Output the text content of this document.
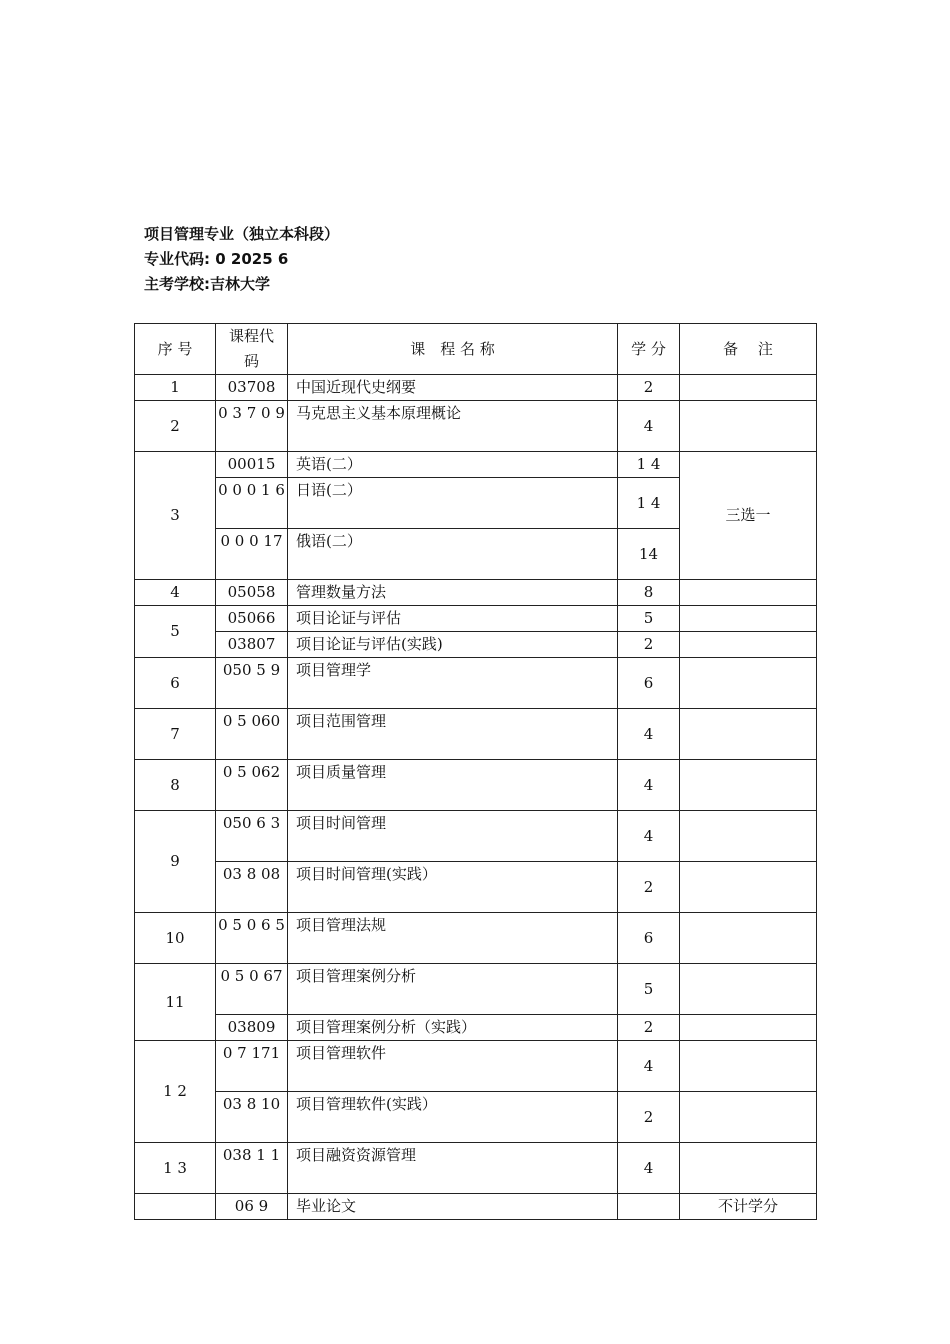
项目管理专业（独立本科段）
专业代码: 0 2025 6
主考学校:吉林大学
序 号	课程代码	课　程 名 称	学 分	备　 注
1	03708	中国近现代史纲要	2	
2	0 3 7 0 9	马克思主义基本原理概论	4	
3	00015	英语(二）	1 4	三选一
	0 0 0 1 6	日语(二）	1 4	
	0 0 0 17	俄语(二）	14	
4	05058	管理数量方法	8	
5	05066	项目论证与评估	5	
	03807	项目论证与评估(实践)	2	
6	050 5 9	项目管理学	6	
7	0 5 060	项目范围管理	4	
8	0 5 062	项目质量管理	4	
9	050 6 3	项目时间管理	4	
	03 8 08	项目时间管理(实践）	2	
10	0 5 0 6 5	项目管理法规	6	
11	0 5 0 67	项目管理案例分析	5	
	03809	项目管理案例分析（实践）	2	
1 2	0 7 171	项目管理软件	4	
	03 8 10	项目管理软件(实践）	2	
1 3	038 1 1	项目融资资源管理	4	
	06 9	毕业论文		不计学分
